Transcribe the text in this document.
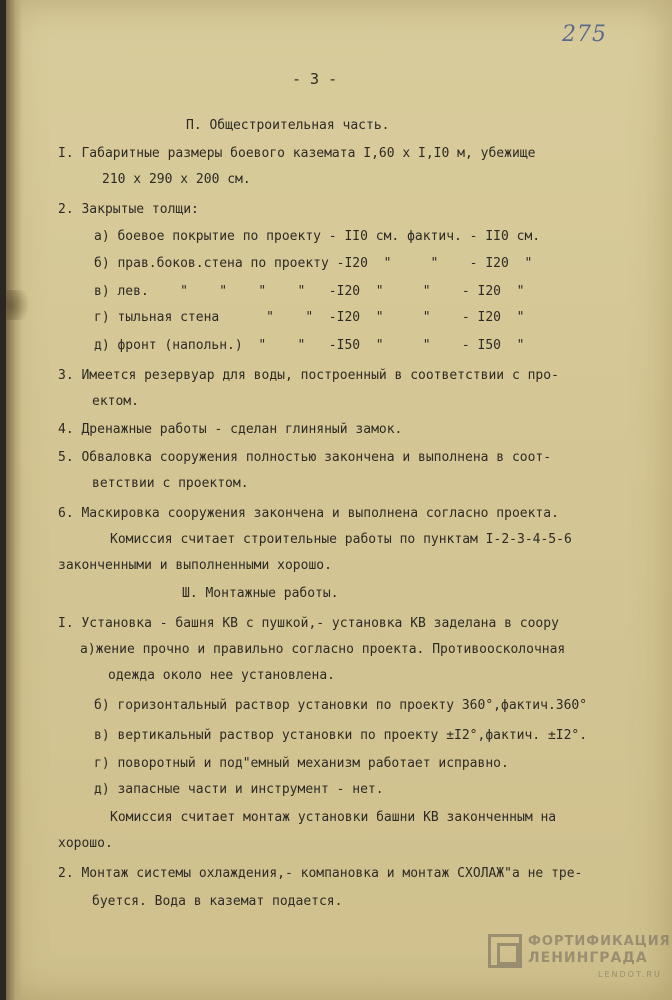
275
- 3 -
П. Общестроительная часть.
I. Габаритные размеры боевого каземата I,60 х I,I0 м, убежище
210 х 290 х 200 см.
2. Закрытые толщи:
а) боевое покрытие по проекту - II0 см. фактич. - II0 см.
б) прав.боков.стена по проекту -I20  "     "    - I20  "
в) лев.    "    "    "    "   -I20  "     "    - I20  "
г) тыльная стена      "    "  -I20  "     "    - I20  "
д) фронт (напольн.)  "    "   -I50  "     "    - I50  "
3. Имеется резервуар для воды, построенный в соответствии с про-
ектом.
4. Дренажные работы - сделан глиняный замок.
5. Обваловка сооружения полностью закончена и выполнена в соот-
ветствии с проектом.
6. Маскировка сооружения закончена и выполнена согласно проекта.
Комиссия считает строительные работы по пунктам I-2-3-4-5-6
законченными и выполненными хорошо.
Ш. Монтажные работы.
I. Установка - башня КВ с пушкой,- установка КВ заделана в соору
а)жение прочно и правильно согласно проекта. Противоосколочная
одежда около нее установлена.
б) горизонтальный раствор установки по проекту 360°,фактич.360°
в) вертикальный раствор установки по проекту ±I2°,фактич. ±I2°.
г) поворотный и под"емный механизм работает исправно.
д) запасные части и инструмент - нет.
Комиссия считает монтаж установки башни КВ законченным на
хорошо.
2. Монтаж системы охлаждения,- компановка и монтаж СХОЛАЖ"а не тре-
буется. Вода в каземат подается.
ФОРТИФИКАЦИЯ
ЛЕНИНГРАДА
LENDOT.RU
